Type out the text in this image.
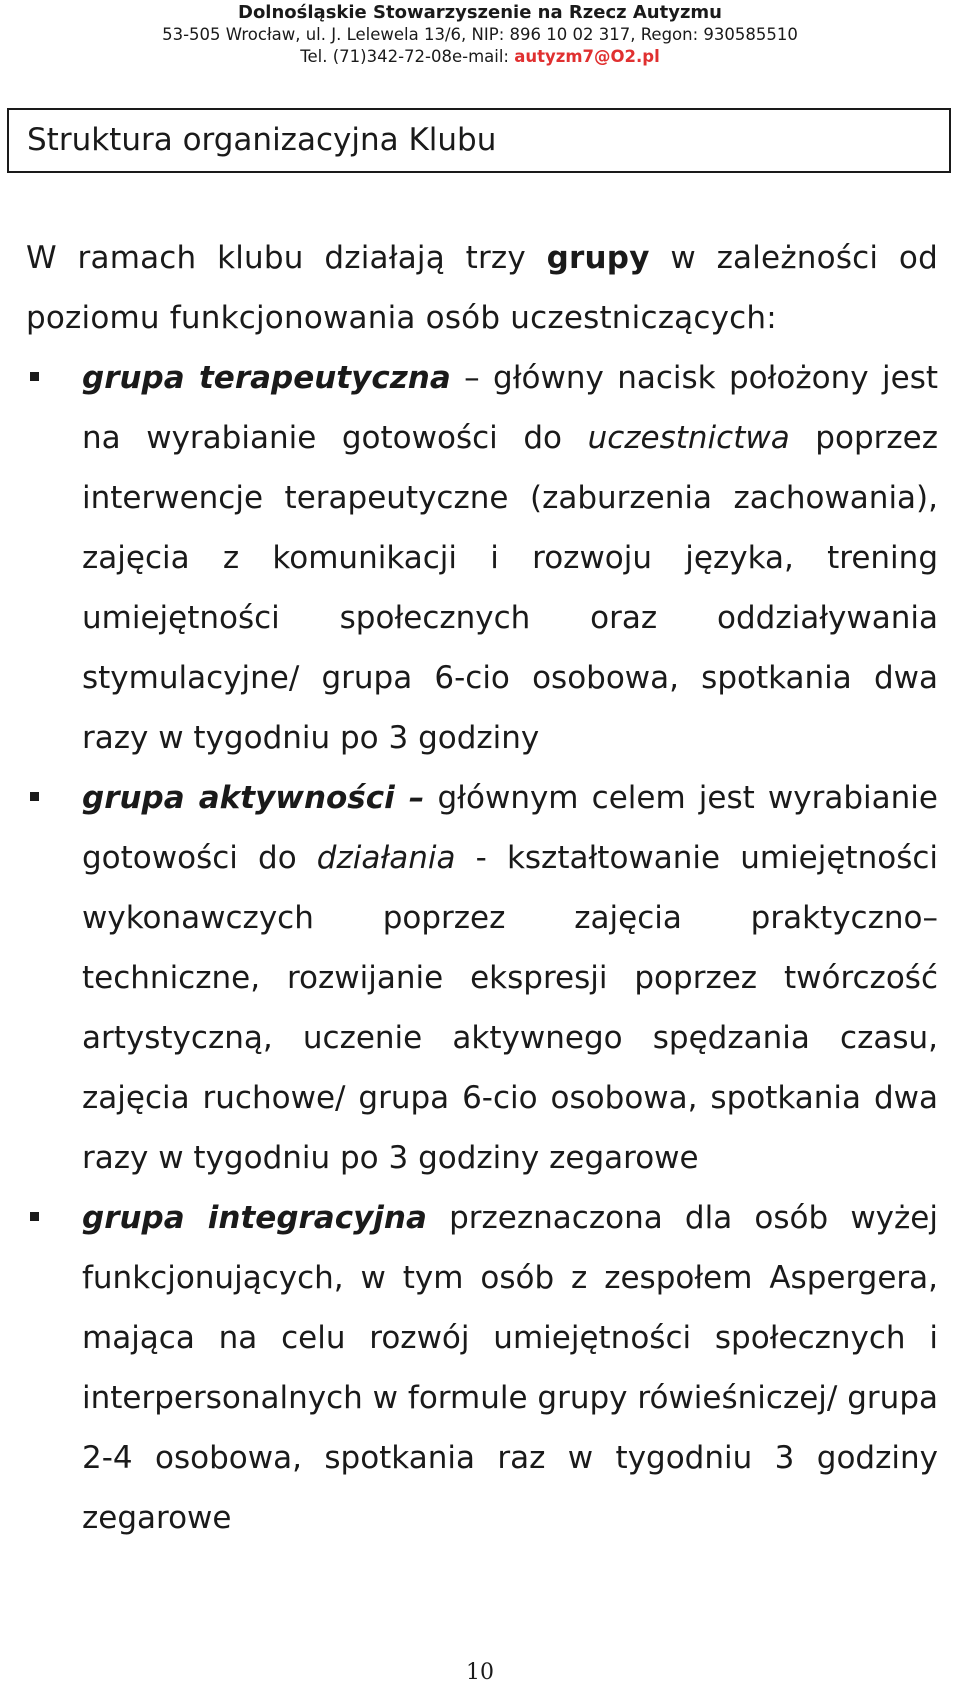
Dolnośląskie Stowarzyszenie na Rzecz Autyzmu
53-505 Wrocław, ul. J. Lelewela 13/6, NIP: 896 10 02 317, Regon: 930585510
Tel. (71)342-72-08e-mail: autyzm7@O2.pl
Struktura organizacyjna Klubu
W ramach klubu działają trzy grupy w zależności od poziomu funkcjonowania osób uczestniczących:
grupa terapeutyczna – główny nacisk położony jest na wyrabianie gotowości do uczestnictwa poprzez interwencje terapeutyczne (zaburzenia zachowania), zajęcia z komunikacji i rozwoju języka, trening umiejętności społecznych oraz oddziaływania stymulacyjne/ grupa 6-cio osobowa, spotkania dwa razy w tygodniu po 3 godziny
grupa aktywności – głównym celem jest wyrabianie gotowości do działania - kształtowanie umiejętności wykonawczych poprzez zajęcia praktyczno–techniczne, rozwijanie ekspresji poprzez twórczość artystyczną, uczenie aktywnego spędzania czasu, zajęcia ruchowe/ grupa 6-cio osobowa, spotkania dwa razy w tygodniu po 3 godziny zegarowe
grupa integracyjna przeznaczona dla osób wyżej funkcjonujących, w tym osób z zespołem Aspergera, mająca na celu rozwój umiejętności społecznych i interpersonalnych w formule grupy rówieśniczej/ grupa 2-4 osobowa, spotkania raz w tygodniu 3 godziny zegarowe
10
